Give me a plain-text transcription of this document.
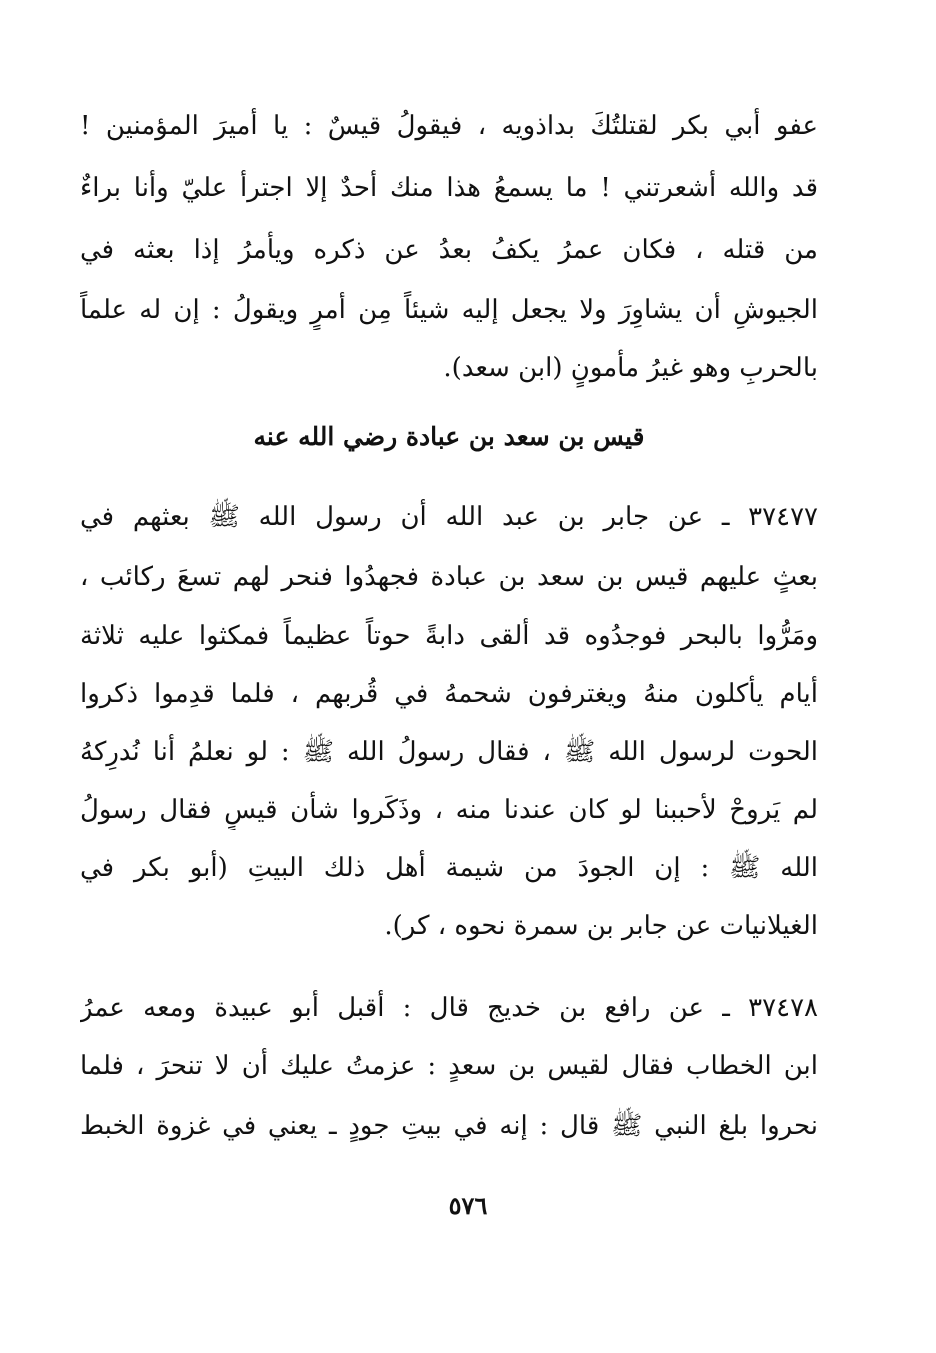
عفو أبي بكر لقتلتُكَ بداذويه ، فيقولُ قيسٌ : يا أميرَ المؤمنين !
قد والله أشعرتني ! ما يسمعُ هذا منك أحدٌ إلا اجترأ عليّ وأنا براءٌ
من قتله ، فكان عمرُ يكفُ بعدُ عن ذكره ويأمرُ إذا بعثه في
الجيوشِ أن يشاوِرَ ولا يجعل إليه شيئاً مِن أمرٍ ويقولُ : إن له علماً
بالحربِ وهو غيرُ مأمونٍ (ابن سعد).
قيس بن سعد بن عبادة رضي الله عنه
٣٧٤٧٧ ـ عن جابر بن عبد الله أن رسول الله ﷺ بعثهم في
بعثٍ عليهم قيس بن سعد بن عبادة فجهدُوا فنحر لهم تسعَ ركائب ،
ومَرُّوا بالبحر فوجدُوه قد ألقى دابةً حوتاً عظيماً فمكثوا عليه ثلاثة
أيام يأكلون منهُ ويغترفون شحمهُ في قُربهم ، فلما قدِموا ذكروا
الحوت لرسول الله ﷺ ، فقال رسولُ الله ﷺ : لو نعلمُ أنا نُدرِكهُ
لم يَروحْ لأحببنا لو كان عندنا منه ، وذَكَروا شأن قيسٍ فقال رسولُ
الله ﷺ : إن الجودَ من شيمة أهل ذلك البيتِ (أبو بكر في
الغيلانيات عن جابر بن سمرة نحوه ، كر).
٣٧٤٧٨ ـ عن رافع بن خديج قال : أقبل أبو عبيدة ومعه عمرُ
ابن الخطاب فقال لقيس بن سعدٍ : عزمتُ عليك أن لا تنحرَ ، فلما
نحروا بلغ النبي ﷺ قال : إنه في بيتِ جودٍ ـ يعني في غزوة الخبط
٥٧٦
